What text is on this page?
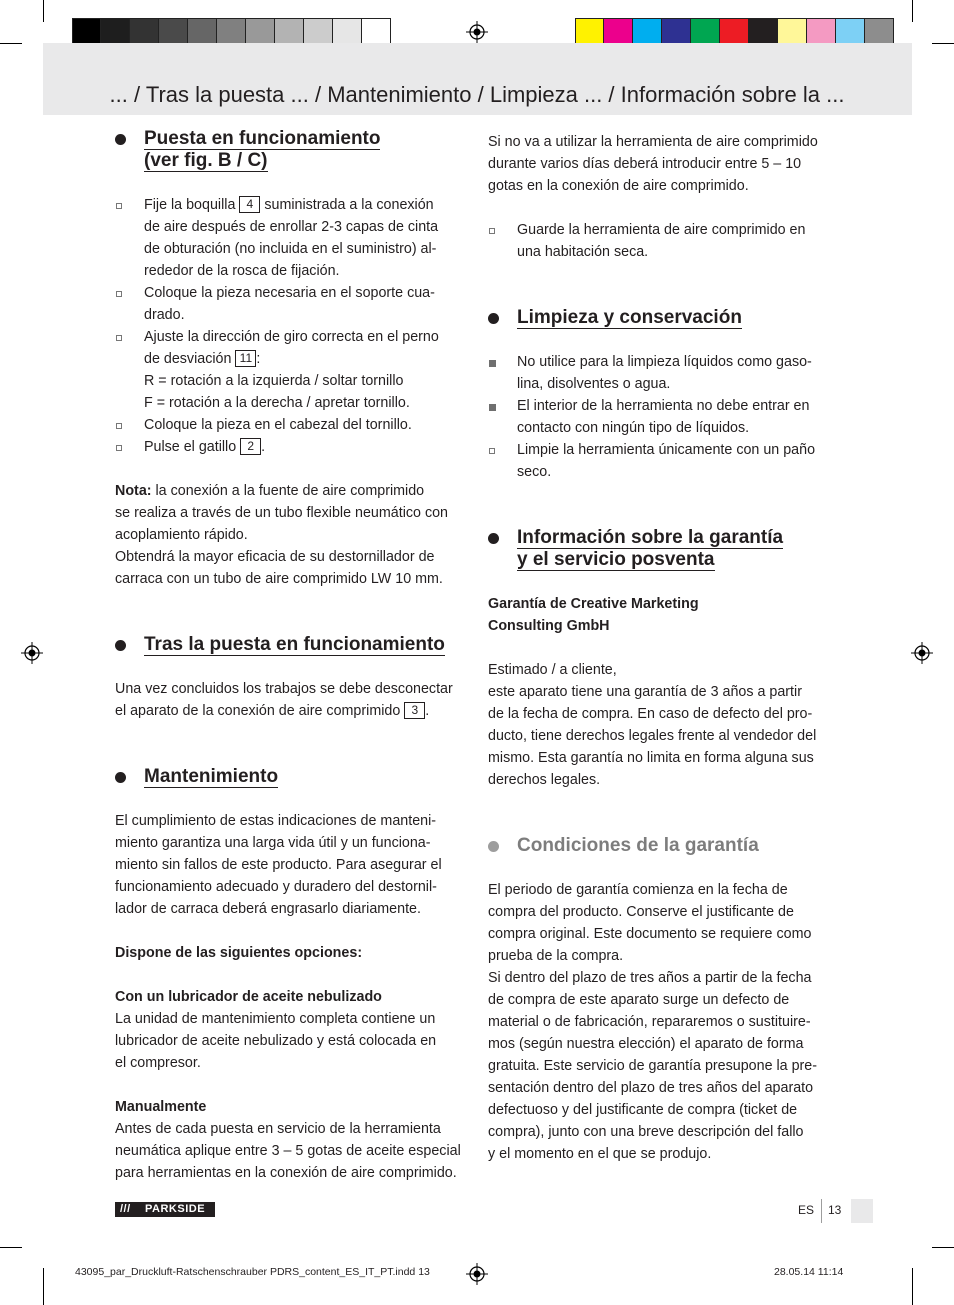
... / Tras la puesta ... / Mantenimiento / Limpieza ... / Información sobre la ...
Puesta en funcionamiento
(ver fig. B / C)
Fije la boquilla 4 suministrada a la conexión
de aire después de enrollar 2-3 capas de cinta
de obturación (no incluida en el suministro) al-
rededor de la rosca de fijación.
Coloque la pieza necesaria en el soporte cua-
drado.
Ajuste la dirección de giro correcta en el perno
de desviación 11 :
R = rotación a la izquierda / soltar tornillo
F = rotación a la derecha / apretar tornillo.
Coloque la pieza en el cabezal del tornillo.
Pulse el gatillo 2 .

Nota: la conexión a la fuente de aire comprimido
se realiza a través de un tubo flexible neumático con
acoplamiento rápido.
Obtendrá la mayor eficacia de su destornillador de
carraca con un tubo de aire comprimido LW 10 mm.

Tras la puesta en funcionamiento

Una vez concluidos los trabajos se debe desconectar
el aparato de la conexión de aire comprimido 3 .

Mantenimiento

El cumplimiento de estas indicaciones de manteni-
miento garantiza una larga vida útil y un funciona-
miento sin fallos de este producto. Para asegurar el
funcionamiento adecuado y duradero del destornil-
lador de carraca deberá engrasarlo diariamente.

Dispone de las siguientes opciones:

Con un lubricador de aceite nebulizado

La unidad de mantenimiento completa contiene un
lubricador de aceite nebulizado y está colocada en
el compresor.

Manualmente

Antes de cada puesta en servicio de la herramienta
neumática aplique entre 3 – 5 gotas de aceite especial
para herramientas en la conexión de aire comprimido.

Si no va a utilizar la herramienta de aire comprimido
durante varios días deberá introducir entre 5 – 10
gotas en la conexión de aire comprimido.

Guarde la herramienta de aire comprimido en
una habitación seca.
Limpieza y conservación
No utilice para la limpieza líquidos como gaso-
lina, disolventes o agua.
El interior de la herramienta no debe entrar en
contacto con ningún tipo de líquidos.
Limpie la herramienta únicamente con un paño
seco.
Información sobre la garantía
y el servicio posventa

Garantía de Creative Marketing
Consulting GmbH

Estimado / a cliente,
este aparato tiene una garantía de 3 años a partir
de la fecha de compra. En caso de defecto del pro-
ducto, tiene derechos legales frente al vendedor del
mismo. Esta garantía no limita en forma alguna sus
derechos legales.

Condiciones de la garantía

El periodo de garantía comienza en la fecha de
compra del producto. Conserve el justificante de
compra original. Este documento se requiere como
prueba de la compra.
Si dentro del plazo de tres años a partir de la fecha
de compra de este aparato surge un defecto de
material o de fabricación, repararemos o sustituire-
mos (según nuestra elección) el aparato de forma
gratuita. Este servicio de garantía presupone la pre-
sentación dentro del plazo de tres años del aparato
defectuoso y del justificante de compra (ticket de
compra), junto con una breve descripción del fallo
y el momento en el que se produjo.

/// PARKSIDE	ES 13
43095_par_Druckluft-Ratschenschrauber PDRS_content_ES_IT_PT.indd 13	28.05.14 11:14
